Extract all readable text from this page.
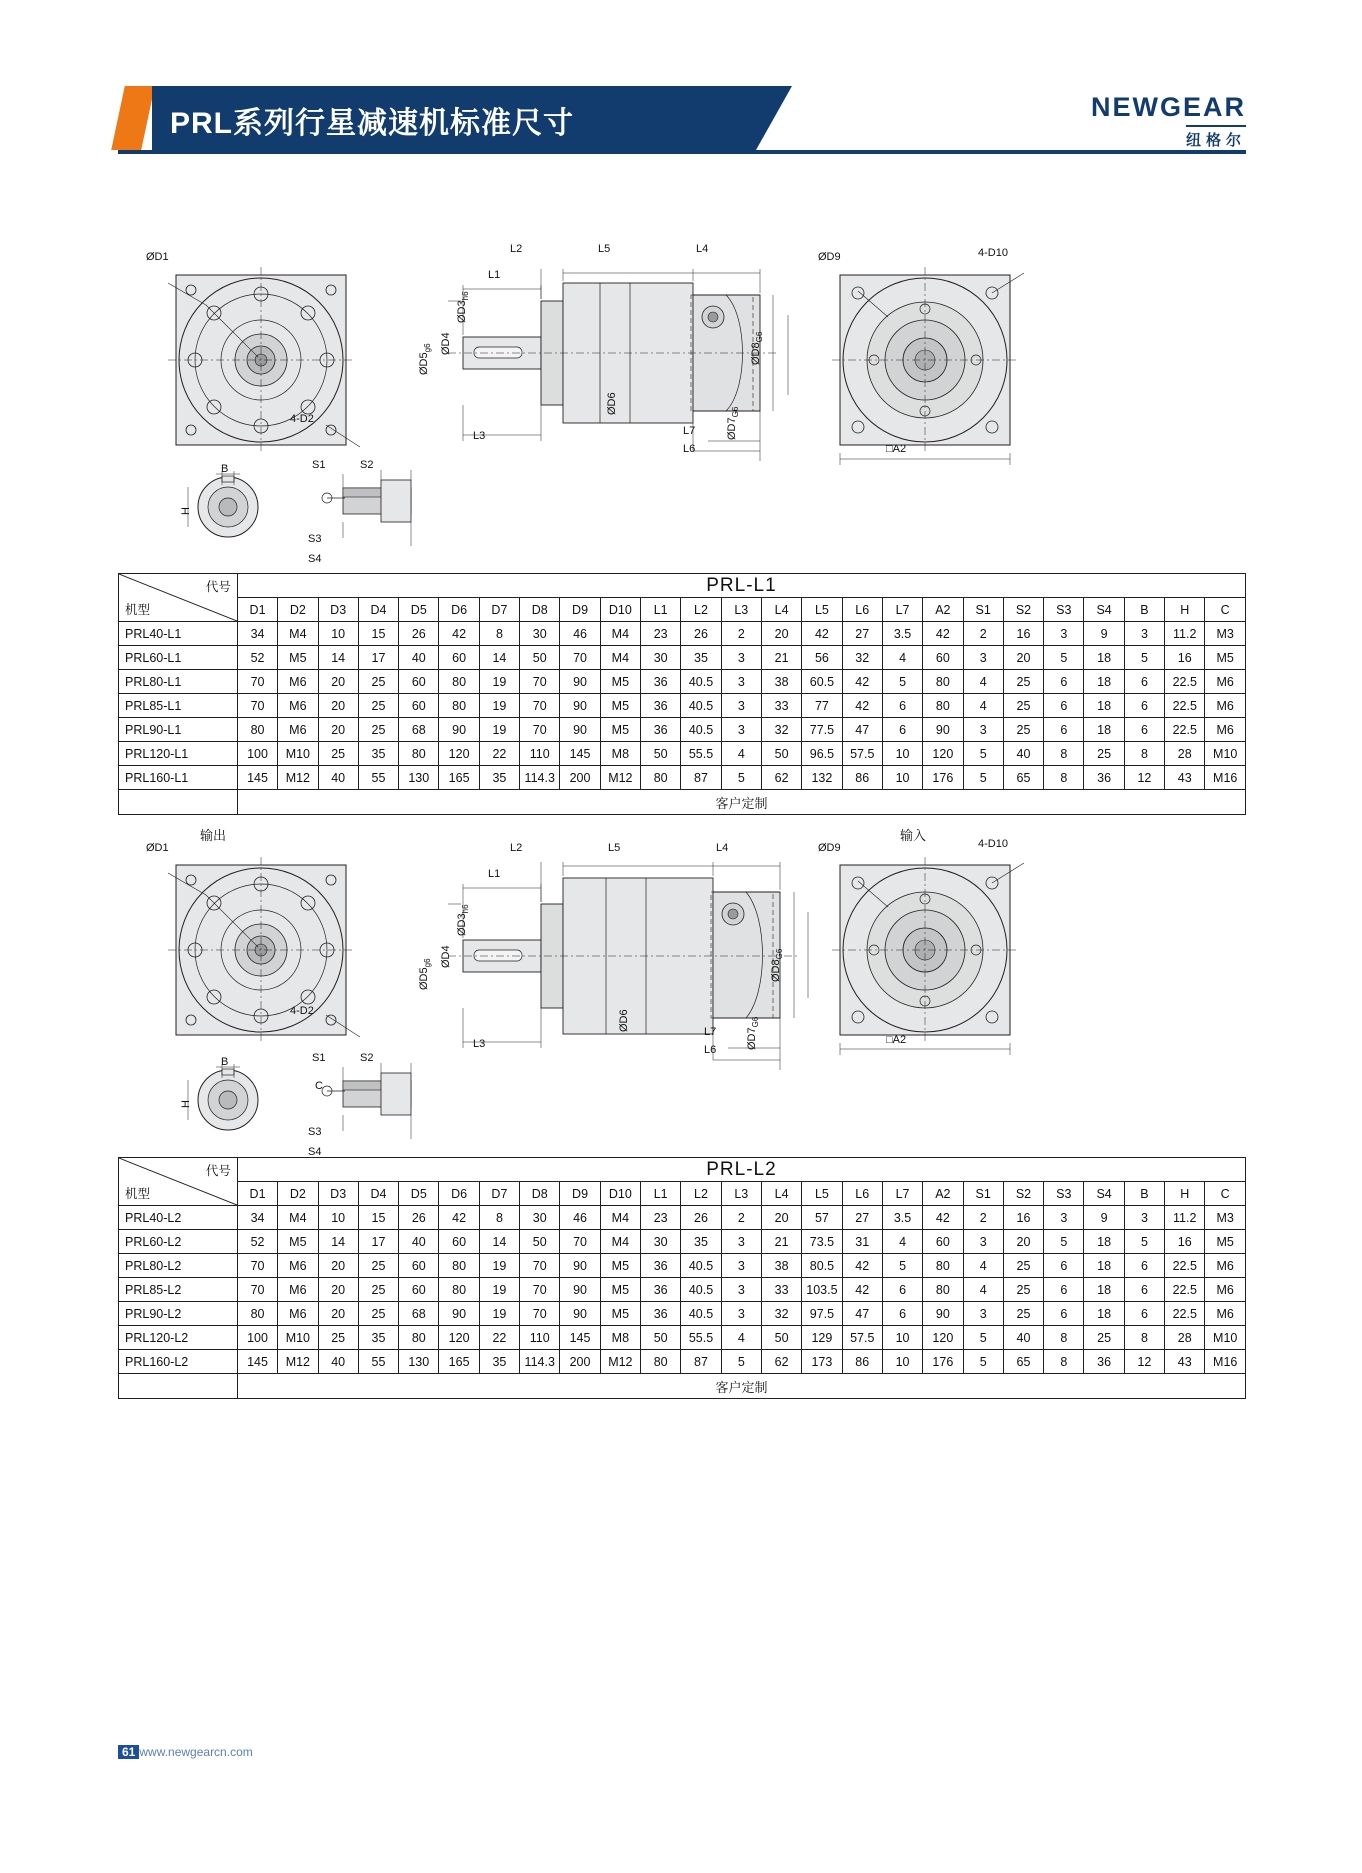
PRL系列行星减速机标准尺寸	NEWGEAR
纽格尔
ØD1
4-D2
B
H
S1	S2
S3
S4
$ØD5_{g6}$ ØD4
$ØD3_{h6}$
L1
L2
L3
L5	L4
ØD6
L7
L6
$ØD7_{G6}$
$ØD8_{G6}$
ØD9	4-D10
□A2
代号
机型	PRL-L1																								
	D1	D2	D3	D4	D5	D6	D7	D8	D9	D10	L1	L2	L3	L4	L5	L6	L7	A2	S1	S2	S3	S4	B	H	C
PRL40-L1	34	M4	10	15	26	42	8	30	46	M4	23	26	2	20	42	27	3.5	42	2	16	3	9	3	11.2	M3
PRL60-L1	52	M5	14	17	40	60	14	50	70	M4	30	35	3	21	56	32	4	60	3	20	5	18	5	16	M5
PRL80-L1	70	M6	20	25	60	80	19	70	90	M5	36	40.5	3	38	60.5	42	5	80	4	25	6	18	6	22.5	M6
PRL85-L1	70	M6	20	25	60	80	19	70	90	M5	36	40.5	3	33	77	42	6	80	4	25	6	18	6	22.5	M6
PRL90-L1	80	M6	20	25	68	90	19	70	90	M5	36	40.5	3	32	77.5	47	6	90	3	25	6	18	6	22.5	M6
PRL120-L1	100	M10	25	35	80	120	22	110	145	M8	50	55.5	4	50	96.5	57.5	10	120	5	40	8	25	8	28	M10
PRL160-L1	145	M12	40	55	130	165	35	114.3	200	M12	80	87	5	62	132	86	10	176	5	65	8	36	12	43	M16
	客户定制																								
输出	输入
ØD1
4-D2
B
H
S1	S2
C
S3
S4
$ØD5_{g6}$ ØD4
$ØD3_{h6}$
L1
L2
L3
L5	L4
ØD6	L7
L6	$ØD7_{G6}$
$ØD8_{G6}$
ØD9	4-D10
□A2
代号
机型	PRL-L2																								
	D1	D2	D3	D4	D5	D6	D7	D8	D9	D10	L1	L2	L3	L4	L5	L6	L7	A2	S1	S2	S3	S4	B	H	C
PRL40-L2	34	M4	10	15	26	42	8	30	46	M4	23	26	2	20	57	27	3.5	42	2	16	3	9	3	11.2	M3
PRL60-L2	52	M5	14	17	40	60	14	50	70	M4	30	35	3	21	73.5	31	4	60	3	20	5	18	5	16	M5
PRL80-L2	70	M6	20	25	60	80	19	70	90	M5	36	40.5	3	38	80.5	42	5	80	4	25	6	18	6	22.5	M6
PRL85-L2	70	M6	20	25	60	80	19	70	90	M5	36	40.5	3	33	103.5	42	6	80	4	25	6	18	6	22.5	M6
PRL90-L2	80	M6	20	25	68	90	19	70	90	M5	36	40.5	3	32	97.5	47	6	90	3	25	6	18	6	22.5	M6
PRL120-L2	100	M10	25	35	80	120	22	110	145	M8	50	55.5	4	50	129	57.5	10	120	5	40	8	25	8	28	M10
PRL160-L2	145	M12	40	55	130	165	35	114.3	200	M12	80	87	5	62	173	86	10	176	5	65	8	36	12	43	M16
	客户定制																								
61 www.newgearcn.com
